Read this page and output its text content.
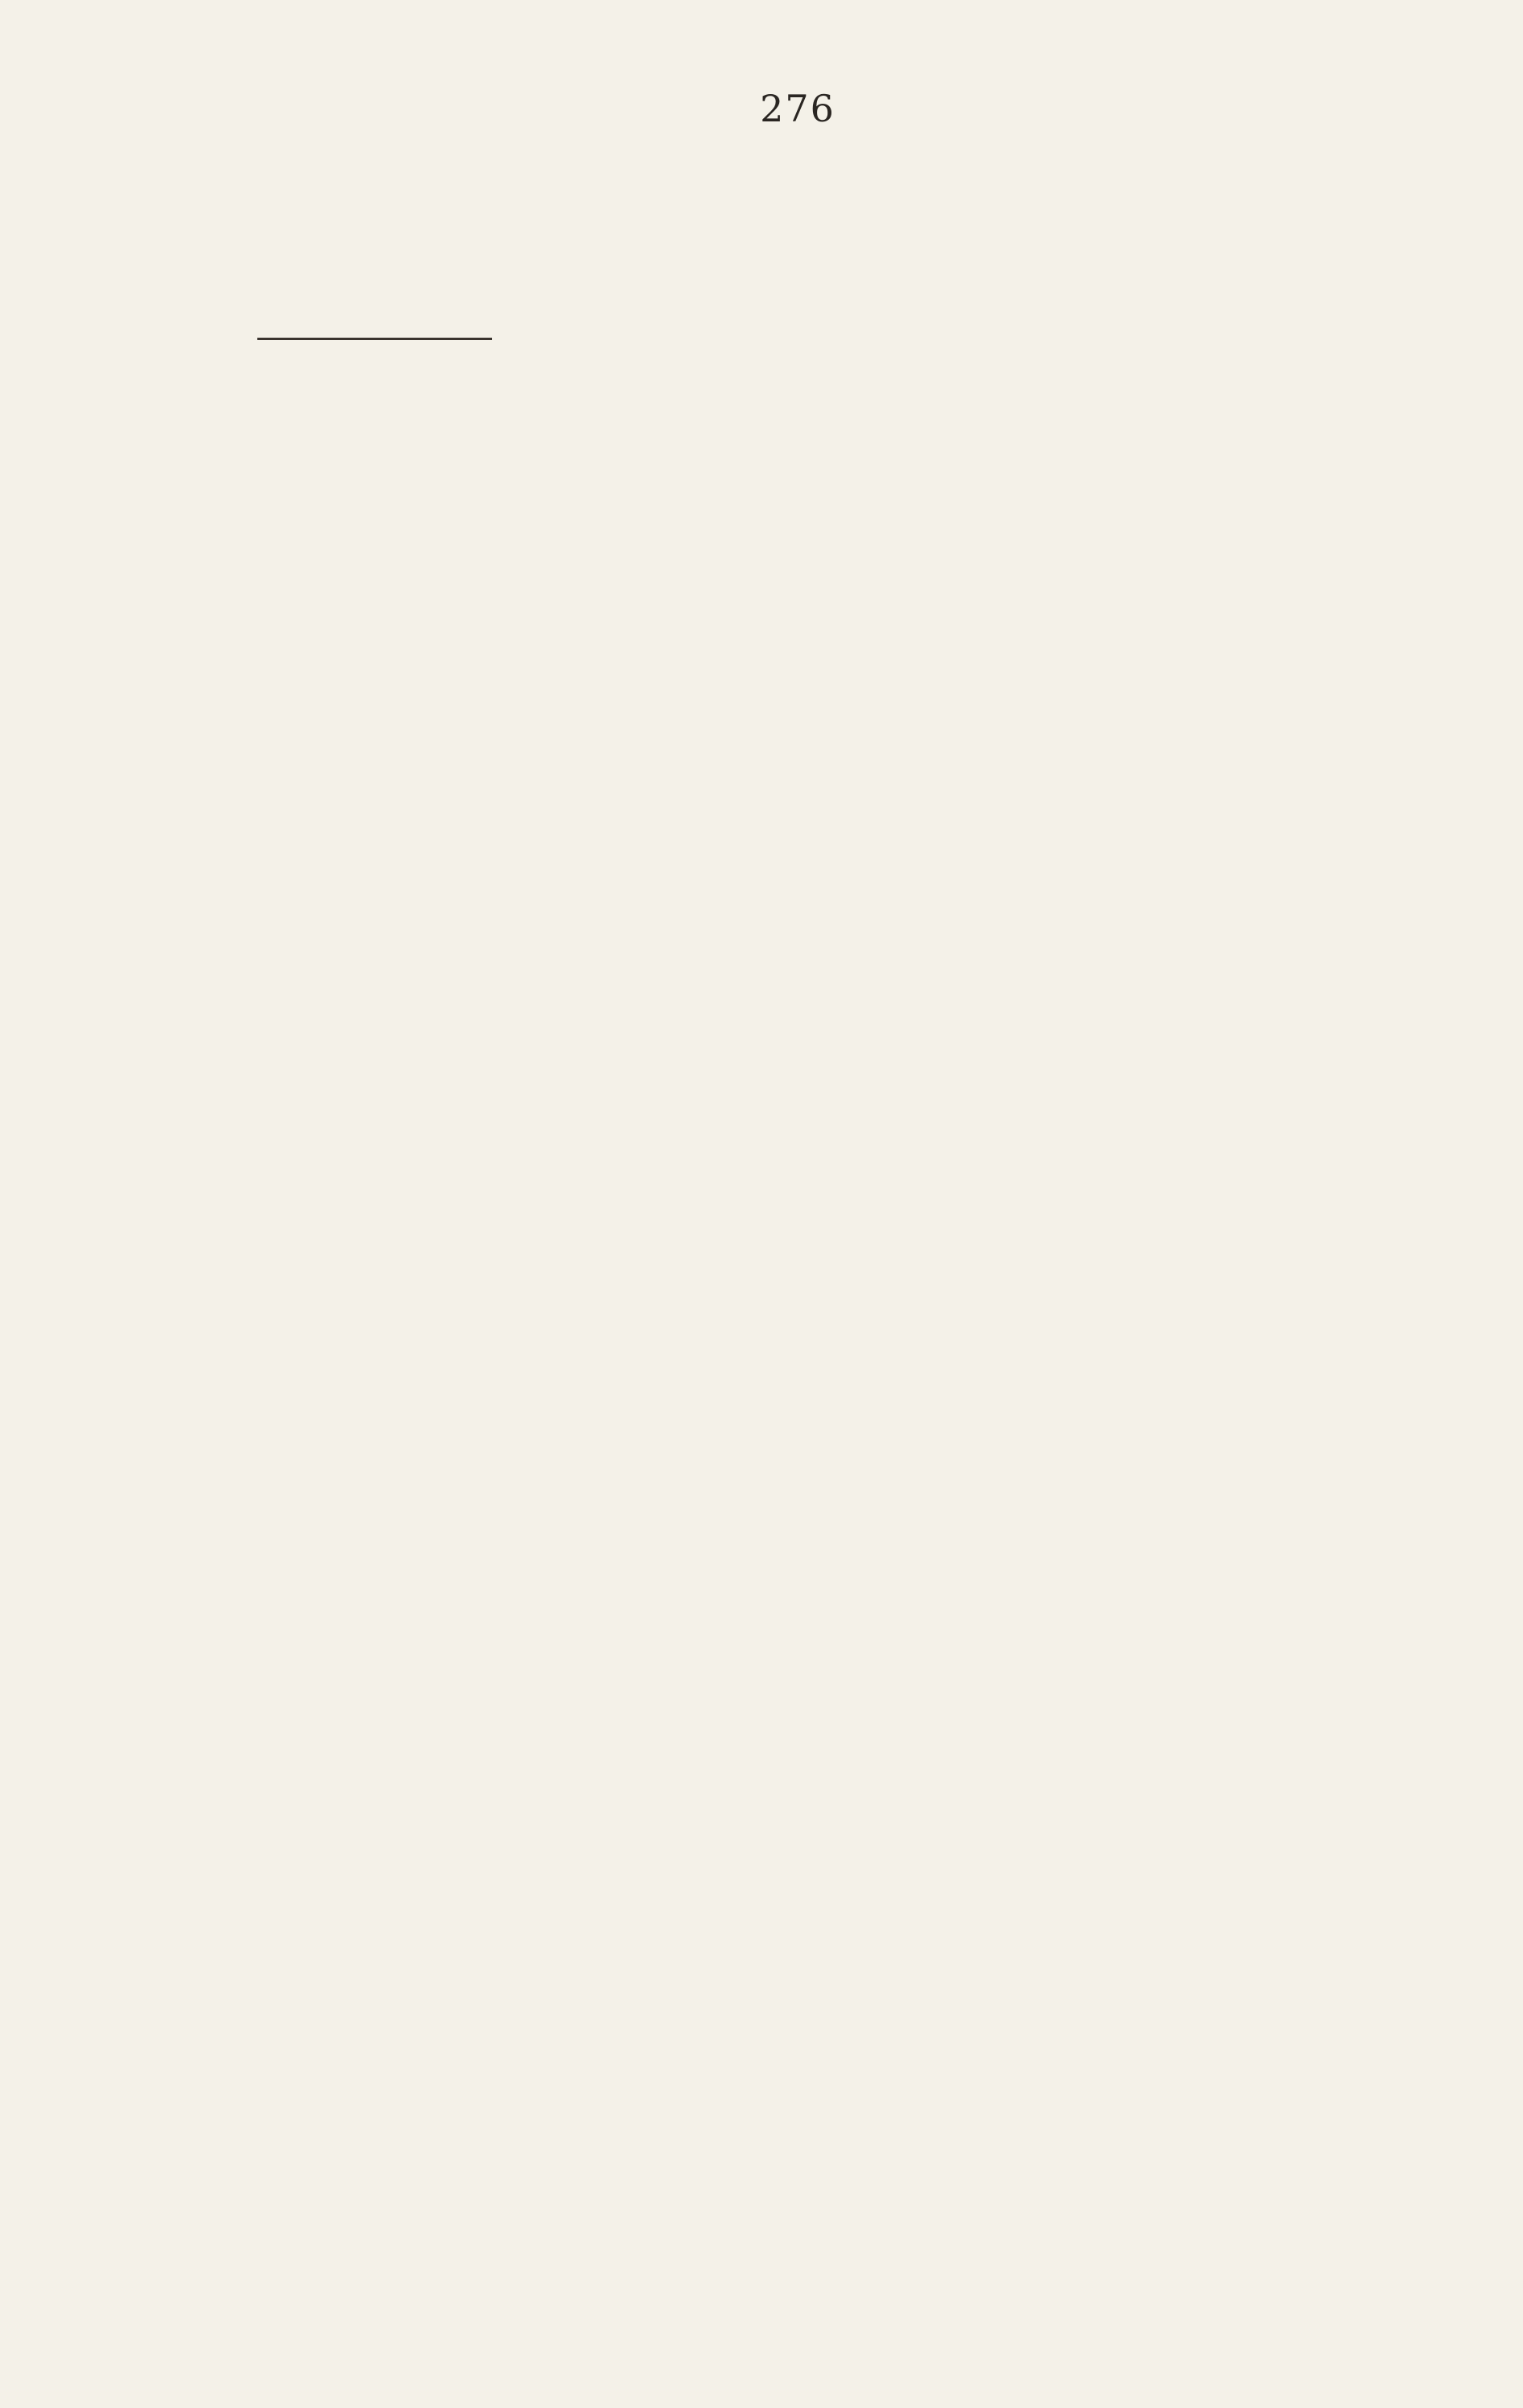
276
